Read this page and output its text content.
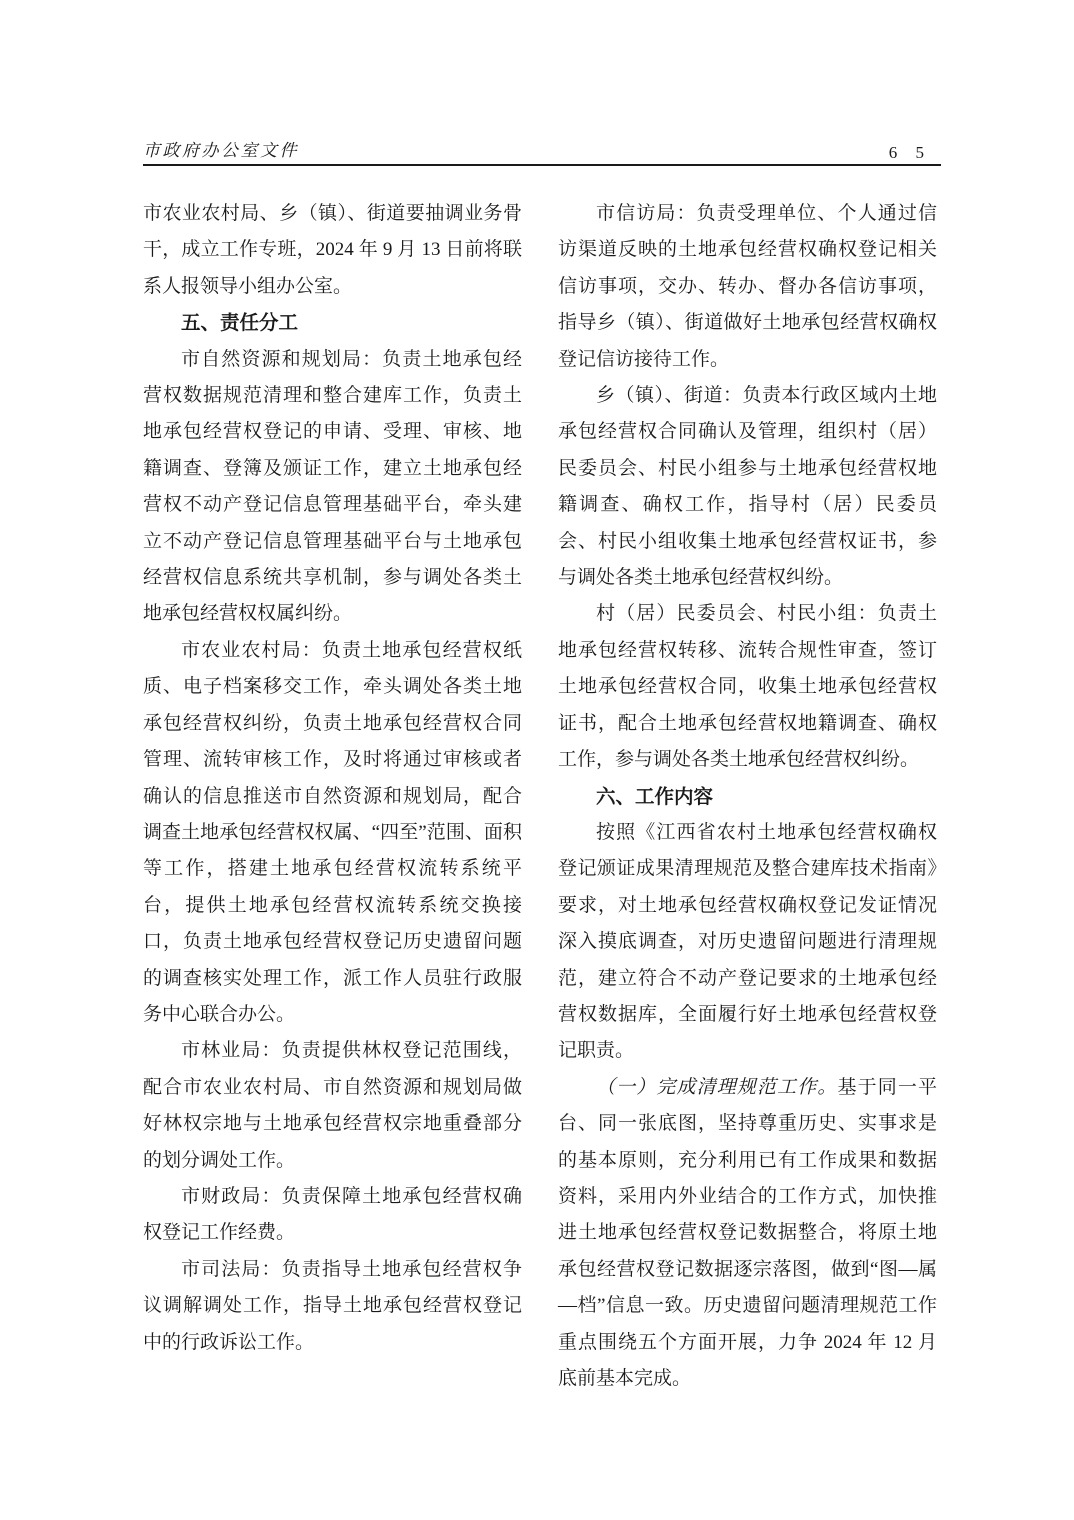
市政府办公室文件	6 5

市农业农村局、乡（镇）、街道要抽调业务骨干，成立工作专班，2024 年 9 月 13 日前将联系人报领导小组办公室。

五、责任分工

市自然资源和规划局：负责土地承包经营权数据规范清理和整合建库工作，负责土地承包经营权登记的申请、受理、审核、地籍调查、登簿及颁证工作，建立土地承包经营权不动产登记信息管理基础平台，牵头建立不动产登记信息管理基础平台与土地承包经营权信息系统共享机制，参与调处各类土地承包经营权权属纠纷。

市农业农村局：负责土地承包经营权纸质、电子档案移交工作，牵头调处各类土地承包经营权纠纷，负责土地承包经营权合同管理、流转审核工作，及时将通过审核或者确认的信息推送市自然资源和规划局，配合调查土地承包经营权权属、“四至”范围、面积等工作，搭建土地承包经营权流转系统平台，提供土地承包经营权流转系统交换接口，负责土地承包经营权登记历史遗留问题的调查核实处理工作，派工作人员驻行政服务中心联合办公。

市林业局：负责提供林权登记范围线，配合市农业农村局、市自然资源和规划局做好林权宗地与土地承包经营权宗地重叠部分的划分调处工作。

市财政局：负责保障土地承包经营权确权登记工作经费。

市司法局：负责指导土地承包经营权争议调解调处工作，指导土地承包经营权登记中的行政诉讼工作。

市信访局：负责受理单位、个人通过信访渠道反映的土地承包经营权确权登记相关信访事项，交办、转办、督办各信访事项，指导乡（镇）、街道做好土地承包经营权确权登记信访接待工作。

乡（镇）、街道：负责本行政区域内土地承包经营权合同确认及管理，组织村（居）民委员会、村民小组参与土地承包经营权地籍调查、确权工作，指导村（居）民委员会、村民小组收集土地承包经营权证书，参与调处各类土地承包经营权纠纷。

村（居）民委员会、村民小组：负责土地承包经营权转移、流转合规性审查，签订土地承包经营权合同，收集土地承包经营权证书，配合土地承包经营权地籍调查、确权工作，参与调处各类土地承包经营权纠纷。

六、工作内容

按照《江西省农村土地承包经营权确权登记颁证成果清理规范及整合建库技术指南》要求，对土地承包经营权确权登记发证情况深入摸底调查，对历史遗留问题进行清理规范，建立符合不动产登记要求的土地承包经营权数据库，全面履行好土地承包经营权登记职责。

（一）完成清理规范工作。基于同一平台、同一张底图，坚持尊重历史、实事求是的基本原则，充分利用已有工作成果和数据资料，采用内外业结合的工作方式，加快推进土地承包经营权登记数据整合，将原土地承包经营权登记数据逐宗落图，做到“图—属—档”信息一致。历史遗留问题清理规范工作重点围绕五个方面开展，力争 2024 年 12 月底前基本完成。
